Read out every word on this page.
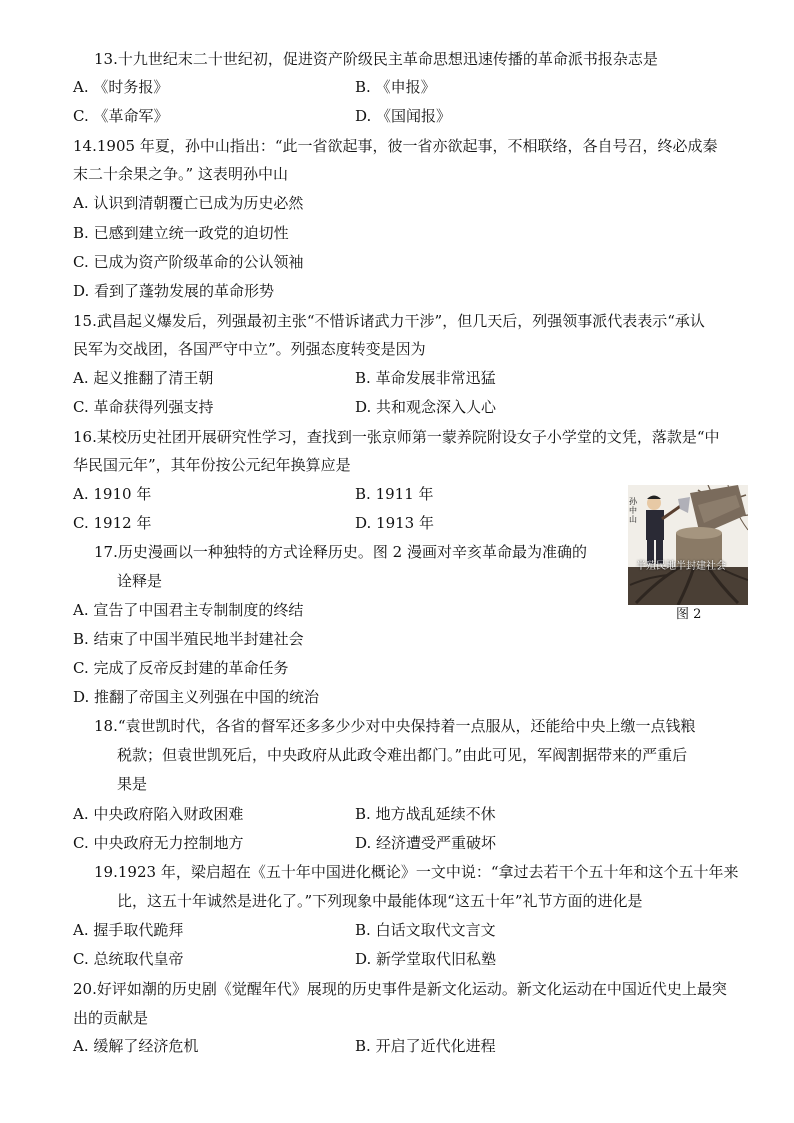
13.十九世纪末二十世纪初，促进资产阶级民主革命思想迅速传播的革命派书报杂志是
A. 《时务报》	B. 《申报》
C. 《革命军》	D. 《国闻报》
14.1905 年夏，孙中山指出：“此一省欲起事，彼一省亦欲起事，不相联络，各自号召，终必成秦
末二十余果之争。” 这表明孙中山
A. 认识到清朝覆亡已成为历史必然
B. 已感到建立统一政党的迫切性
C. 已成为资产阶级革命的公认领袖
D. 看到了蓬勃发展的革命形势
15.武昌起义爆发后，列强最初主张“不惜诉诸武力干涉”，但几天后，列强领事派代表表示“承认
民军为交战团，各国严守中立”。列强态度转变是因为
A. 起义推翻了清王朝	B. 革命发展非常迅猛
C. 革命获得列强支持	D. 共和观念深入人心
16.某校历史社团开展研究性学习，查找到一张京师第一蒙养院附设女子小学堂的文凭，落款是“中
华民国元年”，其年份按公元纪年换算应是
A. 1910 年	B. 1911 年
C. 1912 年	D. 1913 年
孙中山
半殖民地半封建社会
图 2
17.历史漫画以一种独特的方式诠释历史。图 2 漫画对辛亥革命最为准确的
诠释是
A. 宣告了中国君主专制制度的终结
B. 结束了中国半殖民地半封建社会
C. 完成了反帝反封建的革命任务
D. 推翻了帝国主义列强在中国的统治
18.“袁世凯时代，各省的督军还多多少少对中央保持着一点服从，还能给中央上缴一点钱粮
税款；但袁世凯死后，中央政府从此政令难出都门。”由此可见，军阀割据带来的严重后
果是
A. 中央政府陷入财政困难	B. 地方战乱延续不休
C. 中央政府无力控制地方	D. 经济遭受严重破坏
19.1923 年，梁启超在《五十年中国进化概论》一文中说：“拿过去若干个五十年和这个五十年来
比，这五十年诚然是进化了。”下列现象中最能体现“这五十年”礼节方面的进化是
A. 握手取代跪拜	B. 白话文取代文言文
C. 总统取代皇帝	D. 新学堂取代旧私塾
20.好评如潮的历史剧《觉醒年代》展现的历史事件是新文化运动。新文化运动在中国近代史上最突
出的贡献是
A. 缓解了经济危机	B. 开启了近代化进程
